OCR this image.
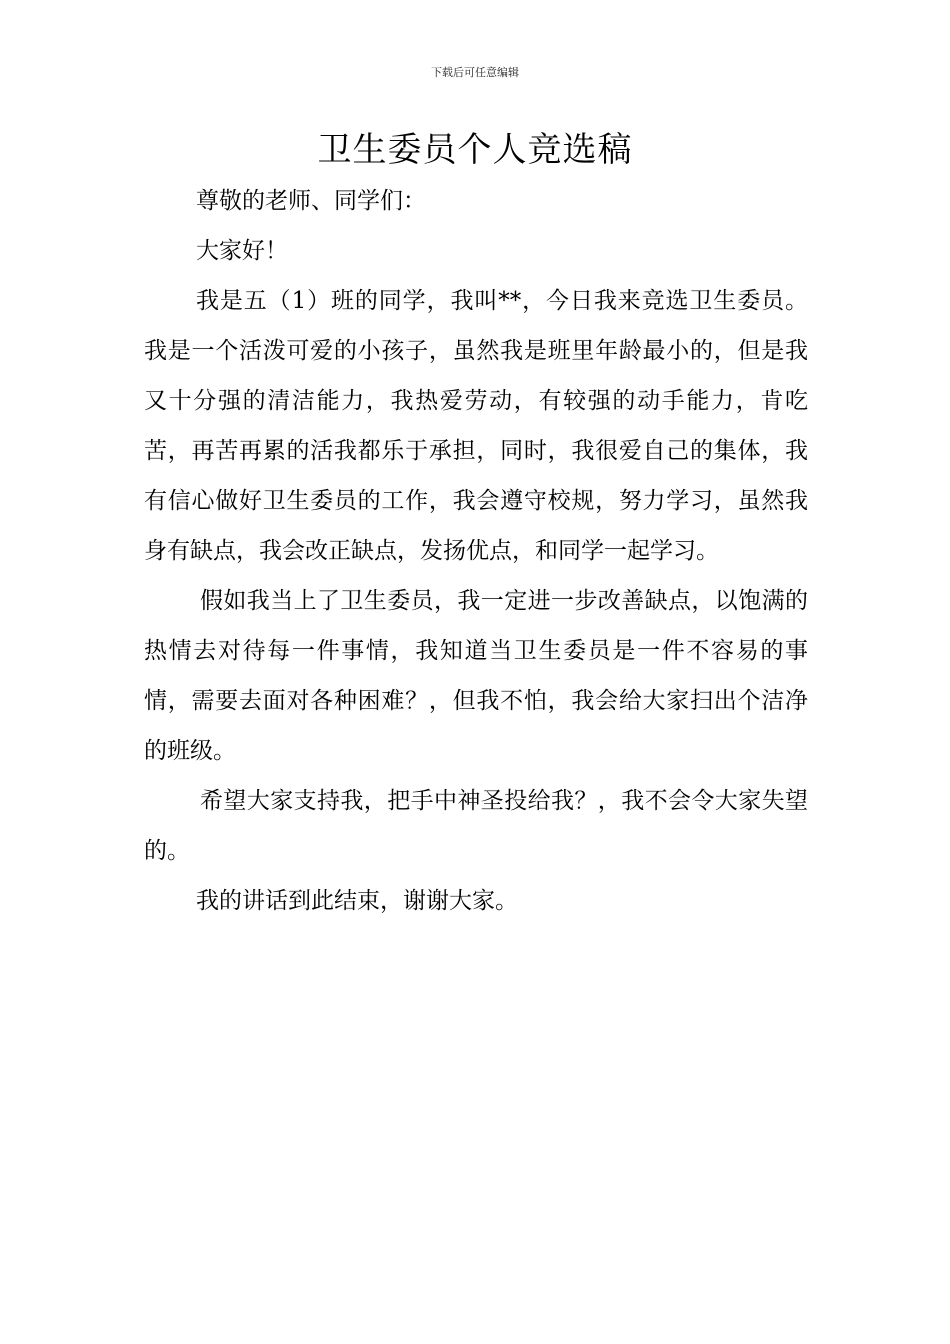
下载后可任意编辑
卫生委员个人竞选稿

尊敬的老师、同学们：

大家好！

我是五（1）班的同学，我叫**，今日我来竞选卫生委员。我是一个活泼可爱的小孩子，虽然我是班里年龄最小的，但是我又十分强的清洁能力，我热爱劳动，有较强的动手能力，肯吃苦，再苦再累的活我都乐于承担，同时，我很爱自己的集体，我有信心做好卫生委员的工作，我会遵守校规，努力学习，虽然我身有缺点，我会改正缺点，发扬优点，和同学一起学习。

假如我当上了卫生委员，我一定进一步改善缺点，以饱满的热情去对待每一件事情，我知道当卫生委员是一件不容易的事情，需要去面对各种困难？，但我不怕，我会给大家扫出个洁净的班级。

希望大家支持我，把手中神圣投给我？，我不会令大家失望的。

我的讲话到此结束，谢谢大家。
